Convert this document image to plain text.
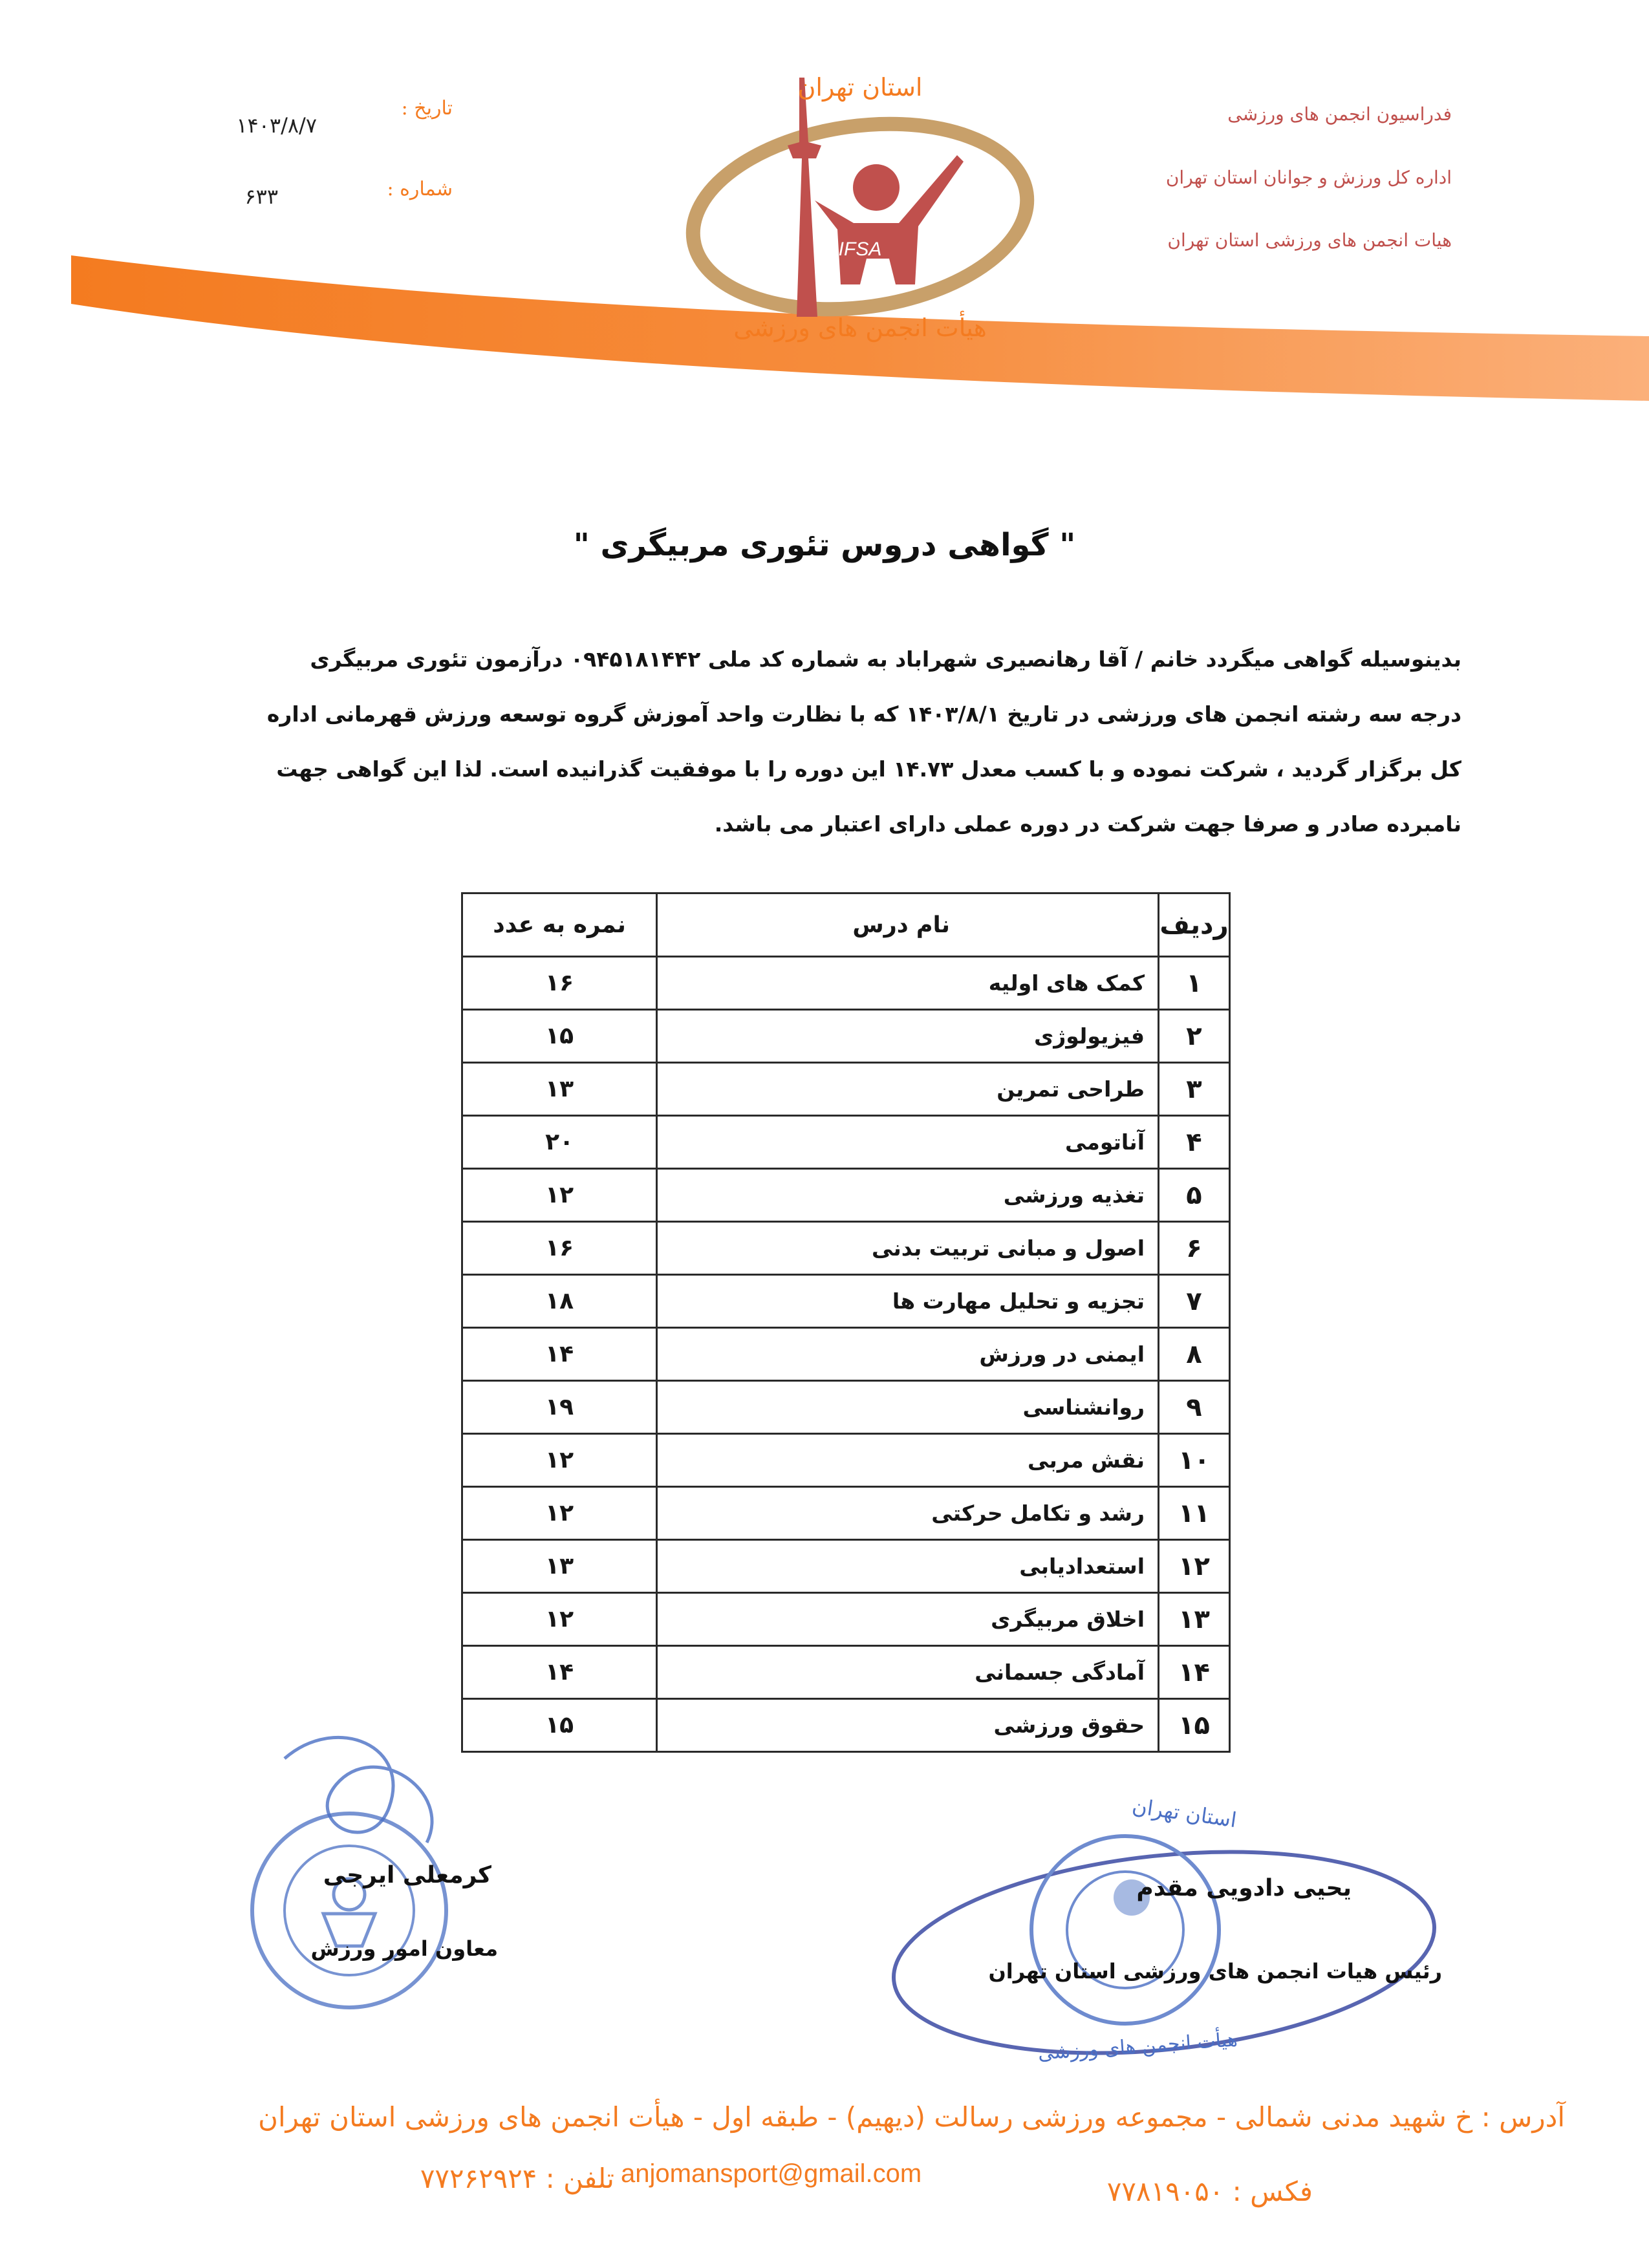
IFSA
استان تهران
هیأت انجمن های ورزشی
استان تهران
هیأت انجمن های ورزشی
تاریخ :
۱۴۰۳/۸/۷
شماره :
۶۳۳
فدراسیون انجمن های ورزشی
اداره کل ورزش و جوانان استان تهران
هیات انجمن های ورزشی استان تهران
" گواهی دروس تئوری مربیگری "
بدینوسیله گواهی میگردد خانم / آقا رهانصیری شهراباد به شماره کد ملی ۰۹۴۵۱۸۱۴۴۲ درآزمون تئوری مربیگری
درجه سه رشته انجمن های ورزشی در تاریخ ۱۴۰۳/۸/۱ که با نظارت واحد آموزش گروه توسعه ورزش قهرمانی اداره
کل برگزار گردید ، شرکت نموده و با کسب معدل ۱۴.۷۳ این دوره را با موفقیت گذرانیده است. لذا این گواهی جهت
نامبرده صادر و صرفا جهت شرکت در دوره عملی دارای اعتبار می باشد.
ردیف	نام درس	نمره به عدد
۱	کمک های اولیه	۱۶
۲	فیزیولوژی	۱۵
۳	طراحی تمرین	۱۳
۴	آناتومی	۲۰
۵	تغذیه ورزشی	۱۲
۶	اصول و مبانی تربیت بدنی	۱۶
۷	تجزیه و تحلیل مهارت ها	۱۸
۸	ایمنی در ورزش	۱۴
۹	روانشناسی	۱۹
۱۰	نقش مربی	۱۲
۱۱	رشد و تکامل حرکتی	۱۲
۱۲	استعدادیابی	۱۳
۱۳	اخلاق مربیگری	۱۲
۱۴	آمادگی جسمانی	۱۴
۱۵	حقوق ورزشی	۱۵
کرمعلی ایرجی
معاون امور ورزش
یحیی دادویی مقدم
رئیس هیات انجمن های ورزشی استان تهران
آدرس : خ شهید مدنی شمالی - مجموعه ورزشی رسالت (دیهیم) - طبقه اول - هیأت انجمن های ورزشی استان تهران
فکس : ۷۷۸۱۹۰۵۰
anjomansport@gmail.com
تلفن : ۷۷۲۶۲۹۲۴
